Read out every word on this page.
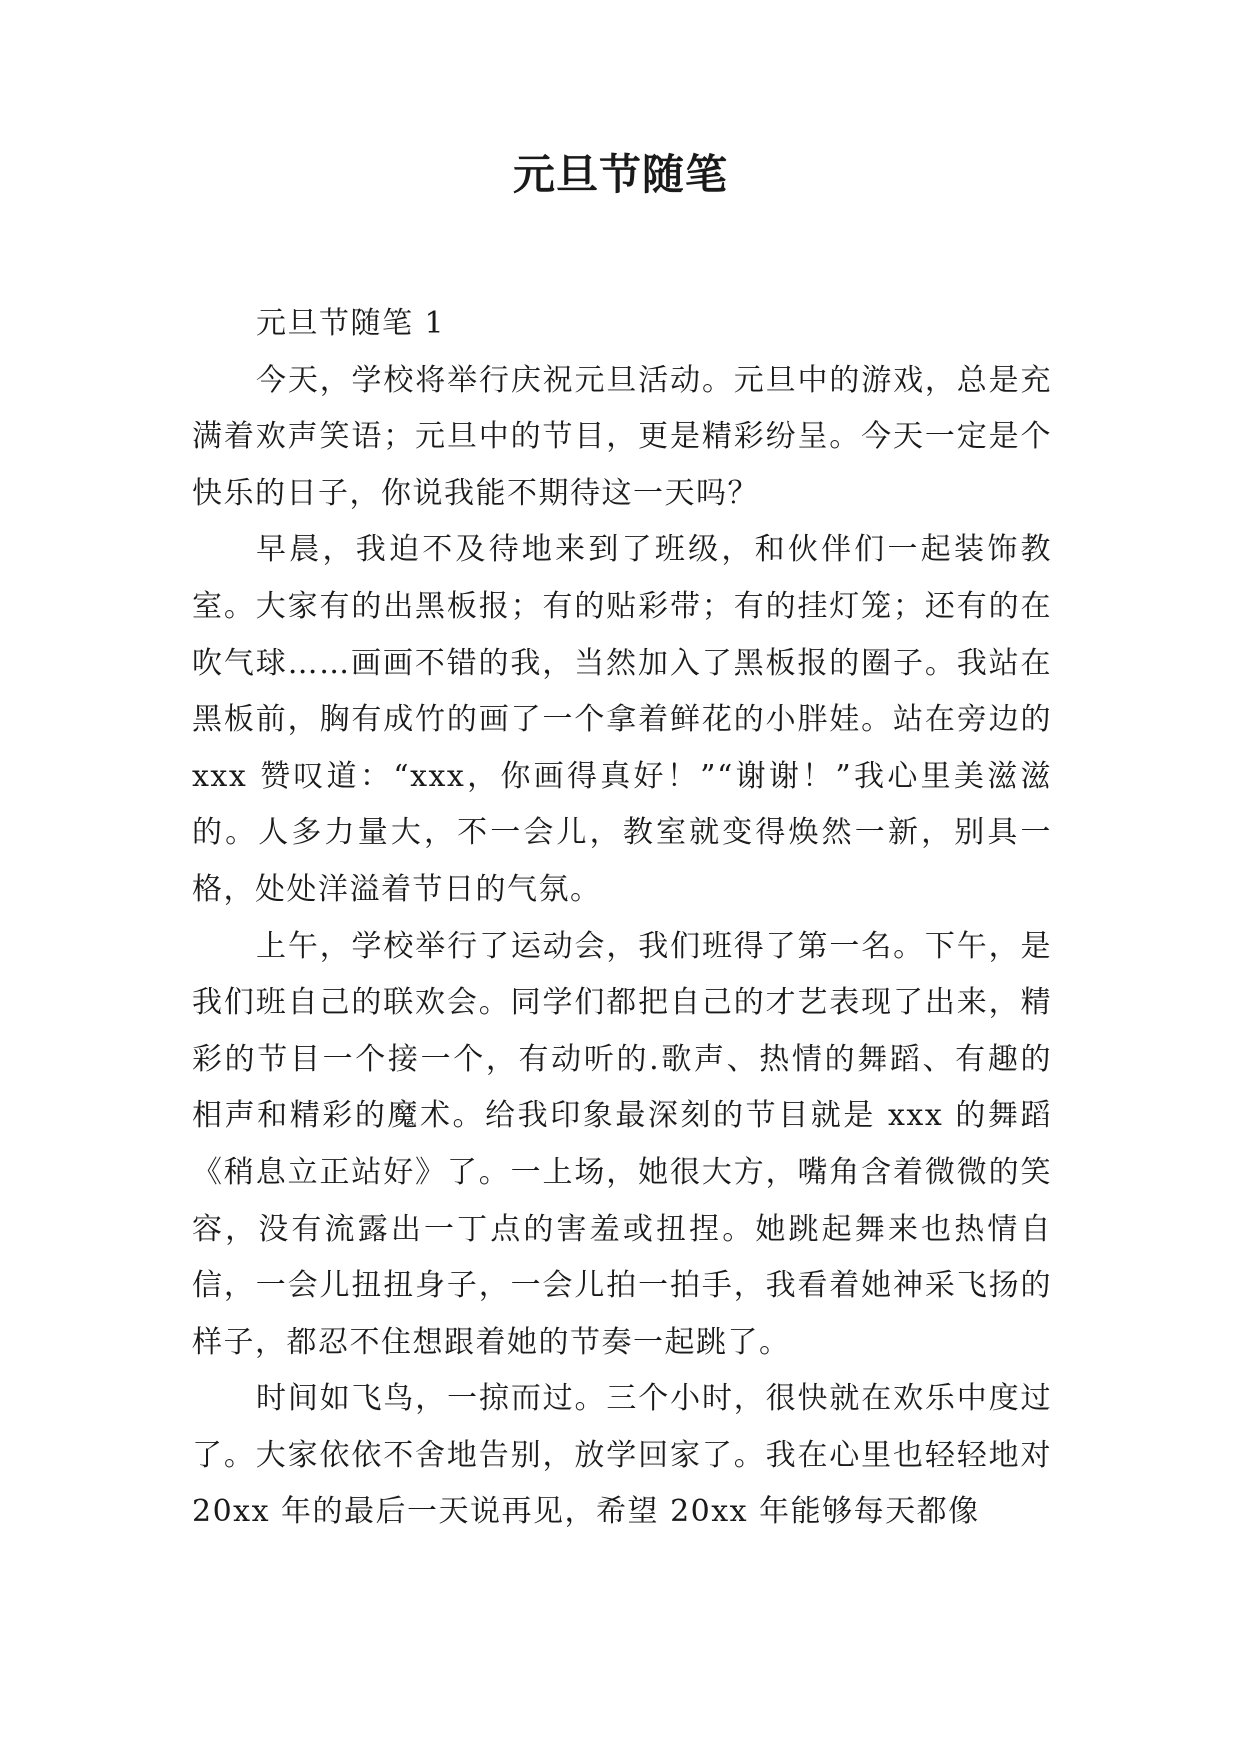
元旦节随笔

元旦节随笔 1

今天，学校将举行庆祝元旦活动。元旦中的游戏，总是充满着欢声笑语；元旦中的节目，更是精彩纷呈。今天一定是个快乐的日子，你说我能不期待这一天吗？

早晨，我迫不及待地来到了班级，和伙伴们一起装饰教室。大家有的出黑板报；有的贴彩带；有的挂灯笼；还有的在吹气球……画画不错的我，当然加入了黑板报的圈子。我站在黑板前，胸有成竹的画了一个拿着鲜花的小胖娃。站在旁边的 xxx 赞叹道：“xxx，你画得真好！”“谢谢！”我心里美滋滋的。人多力量大，不一会儿，教室就变得焕然一新，别具一格，处处洋溢着节日的气氛。

上午，学校举行了运动会，我们班得了第一名。下午，是我们班自己的联欢会。同学们都把自己的才艺表现了出来，精彩的节目一个接一个，有动听的.歌声、热情的舞蹈、有趣的相声和精彩的魔术。给我印象最深刻的节目就是 xxx 的舞蹈《稍息立正站好》了。一上场，她很大方，嘴角含着微微的笑容，没有流露出一丁点的害羞或扭捏。她跳起舞来也热情自信，一会儿扭扭身子，一会儿拍一拍手，我看着她神采飞扬的样子，都忍不住想跟着她的节奏一起跳了。

时间如飞鸟，一掠而过。三个小时，很快就在欢乐中度过了。大家依依不舍地告别，放学回家了。我在心里也轻轻地对 20xx 年的最后一天说再见，希望 20xx 年能够每天都像
